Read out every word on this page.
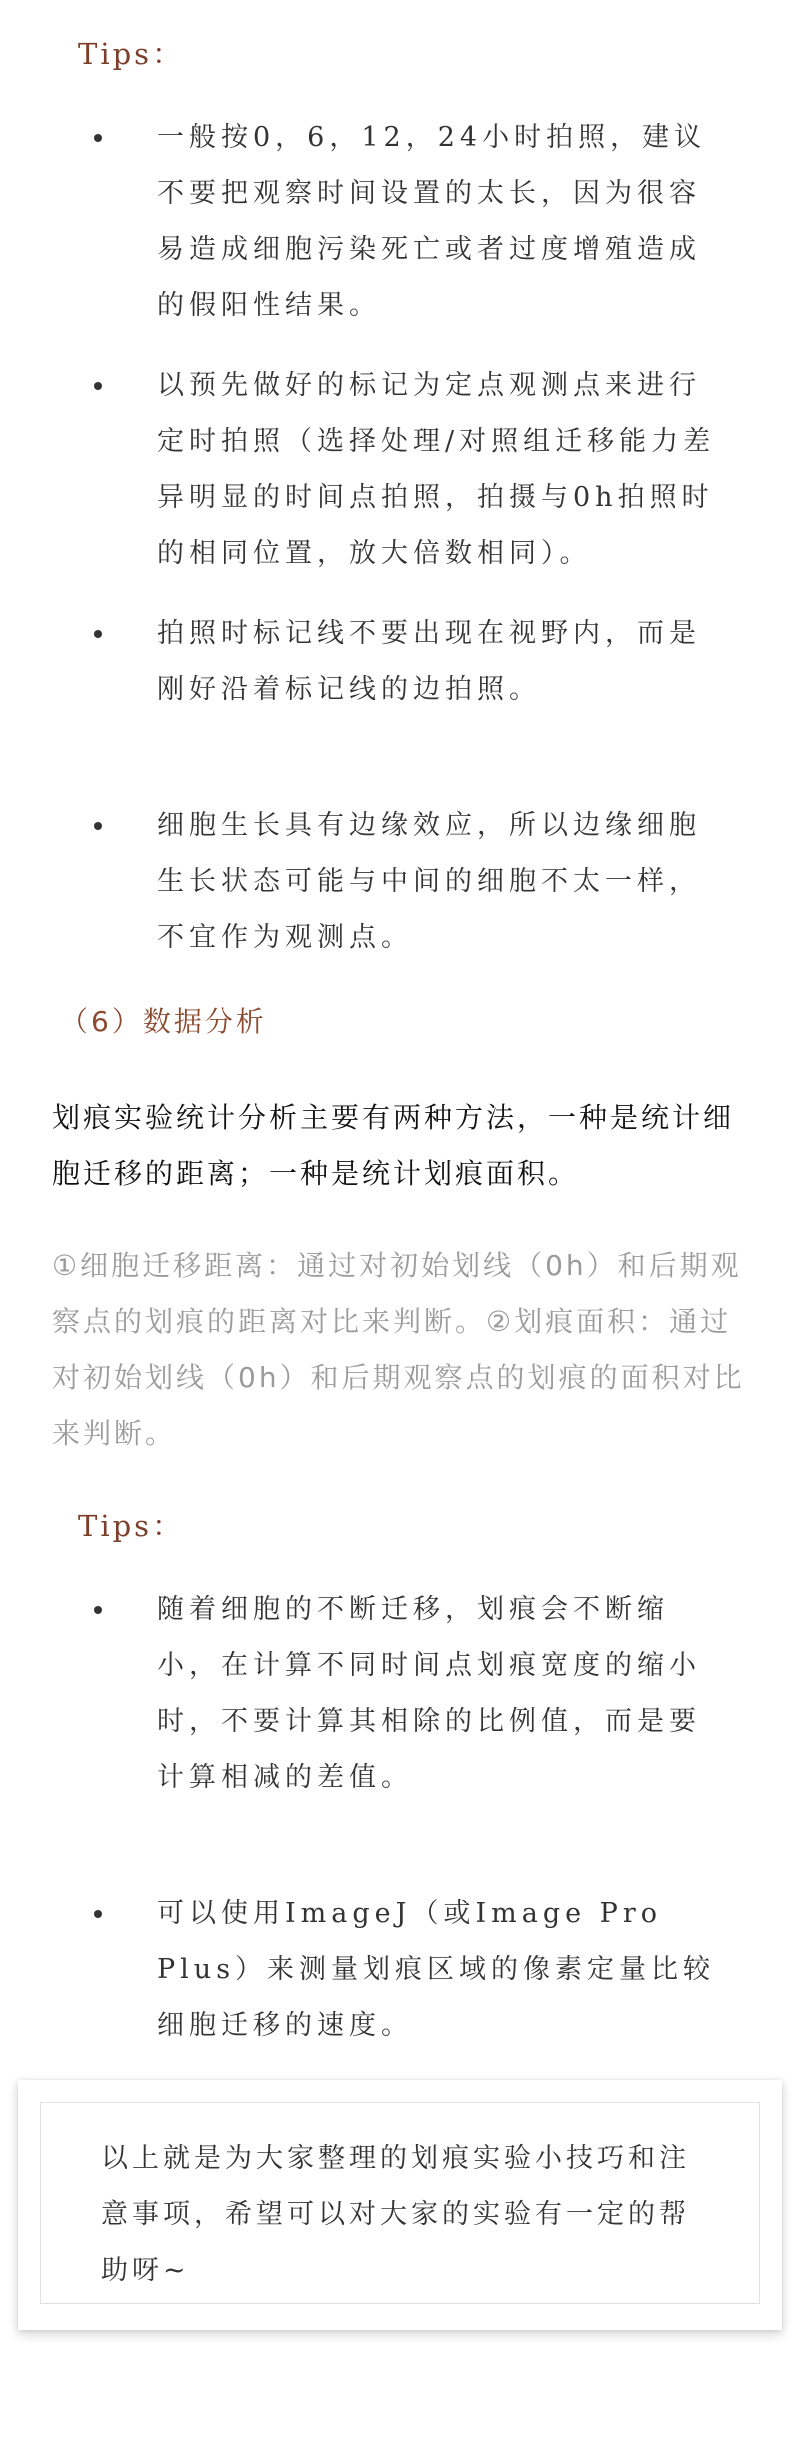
Tips：
一般按0，6，12，24小时拍照，建议不要把观察时间设置的太长，因为很容易造成细胞污染死亡或者过度增殖造成的假阳性结果。
以预先做好的标记为定点观测点来进行定时拍照（选择处理/对照组迁移能力差异明显的时间点拍照，拍摄与0h拍照时的相同位置，放大倍数相同）。
拍照时标记线不要出现在视野内，而是刚好沿着标记线的边拍照。
细胞生长具有边缘效应，所以边缘细胞生长状态可能与中间的细胞不太一样，不宜作为观测点。
（6）数据分析

划痕实验统计分析主要有两种方法，一种是统计细胞迁移的距离；一种是统计划痕面积。

①细胞迁移距离：通过对初始划线（0h）和后期观察点的划痕的距离对比来判断。②划痕面积：通过对初始划线（0h）和后期观察点的划痕的面积对比来判断。

Tips：
随着细胞的不断迁移，划痕会不断缩小，在计算不同时间点划痕宽度的缩小时，不要计算其相除的比例值，而是要计算相减的差值。
可以使用ImageJ（或Image Pro Plus）来测量划痕区域的像素定量比较细胞迁移的速度。

以上就是为大家整理的划痕实验小技巧和注意事项，希望可以对大家的实验有一定的帮助呀~
